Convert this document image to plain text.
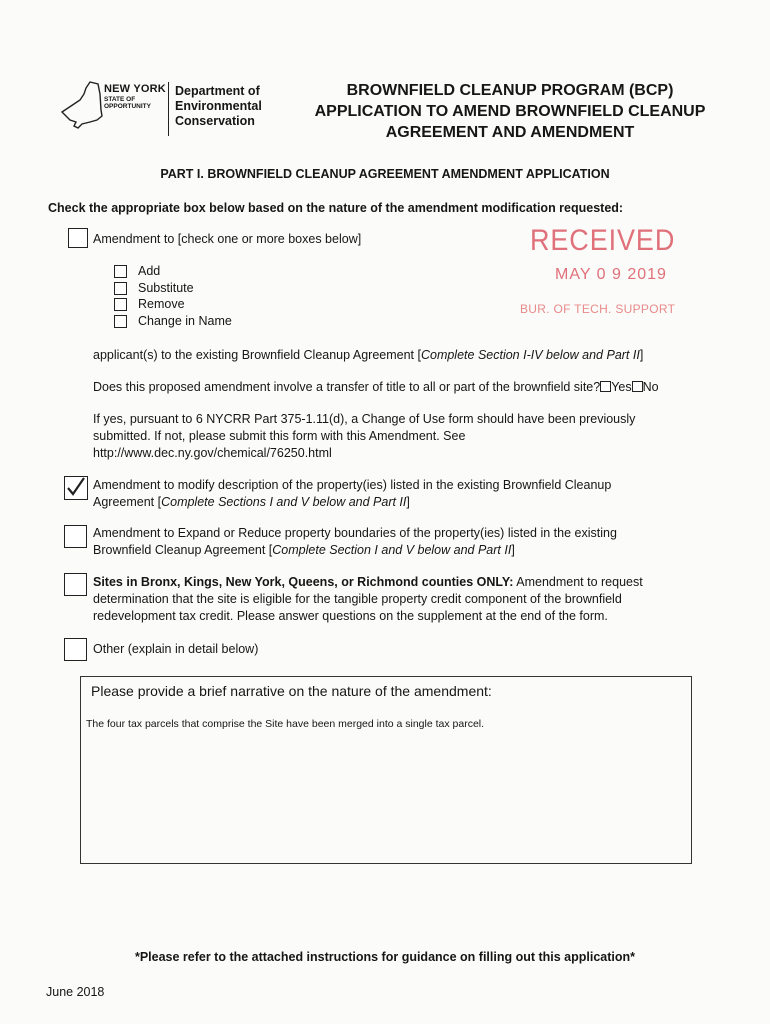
NEW YORK
STATE OF
OPPORTUNITY
Department of
Environmental
Conservation
BROWNFIELD CLEANUP PROGRAM (BCP)
APPLICATION TO AMEND BROWNFIELD CLEANUP
AGREEMENT AND AMENDMENT
PART I. BROWNFIELD CLEANUP AGREEMENT AMENDMENT APPLICATION
Check the appropriate box below based on the nature of the amendment modification requested:
RECEIVED
MAY 0 9 2019
BUR. OF TECH. SUPPORT
Amendment to [check one or more boxes below]
Add
Substitute
Remove
Change in Name
applicant(s) to the existing Brownfield Cleanup Agreement [Complete Section I-IV below and Part II]
Does this proposed amendment involve a transfer of title to all or part of the brownfield site? Yes No
If yes, pursuant to 6 NYCRR Part 375-1.11(d), a Change of Use form should have been previously
submitted. If not, please submit this form with this Amendment. See
http://www.dec.ny.gov/chemical/76250.html
Amendment to modify description of the property(ies) listed in the existing Brownfield Cleanup
Agreement [Complete Sections I and V below and Part II]
Amendment to Expand or Reduce property boundaries of the property(ies) listed in the existing
Brownfield Cleanup Agreement [Complete Section I and V below and Part II]
Sites in Bronx, Kings, New York, Queens, or Richmond counties ONLY: Amendment to request
determination that the site is eligible for the tangible property credit component of the brownfield
redevelopment tax credit. Please answer questions on the supplement at the end of the form.
Other (explain in detail below)
Please provide a brief narrative on the nature of the amendment:
The four tax parcels that comprise the Site have been merged into a single tax parcel.
*Please refer to the attached instructions for guidance on filling out this application*
June 2018
